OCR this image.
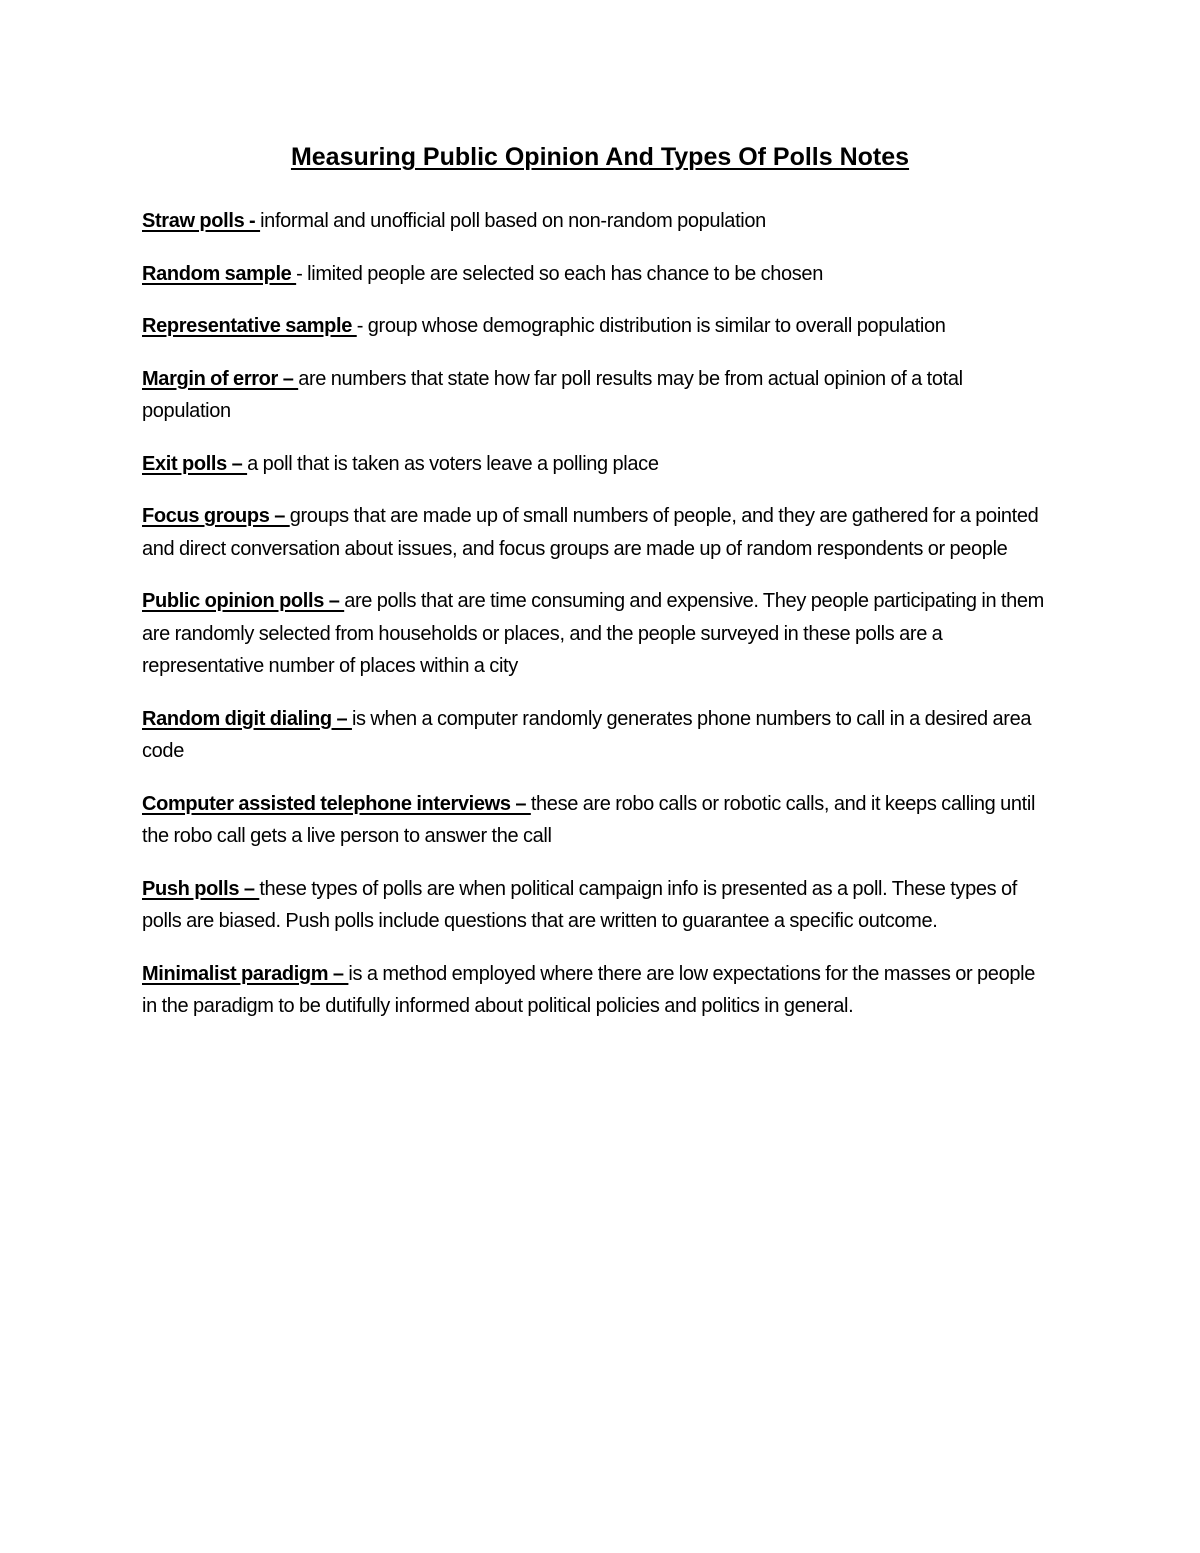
Measuring Public Opinion And Types Of Polls Notes

Straw polls - informal and unofficial poll based on non-random population

Random sample - limited people are selected so each has chance to be chosen

Representative sample - group whose demographic distribution is similar to overall population

Margin of error – are numbers that state how far poll results may be from actual opinion of a total population

Exit polls – a poll that is taken as voters leave a polling place

Focus groups – groups that are made up of small numbers of people, and they are gathered for a pointed and direct conversation about issues, and focus groups are made up of random respondents or people

Public opinion polls – are polls that are time consuming and expensive. They people participating in them are randomly selected from households or places, and the people surveyed in these polls are a representative number of places within a city

Random digit dialing – is when a computer randomly generates phone numbers to call in a desired area code

Computer assisted telephone interviews – these are robo calls or robotic calls, and it keeps calling until the robo call gets a live person to answer the call

Push polls – these types of polls are when political campaign info is presented as a poll. These types of polls are biased. Push polls include questions that are written to guarantee a specific outcome.

Minimalist paradigm – is a method employed where there are low expectations for the masses or people in the paradigm to be dutifully informed about political policies and politics in general.
